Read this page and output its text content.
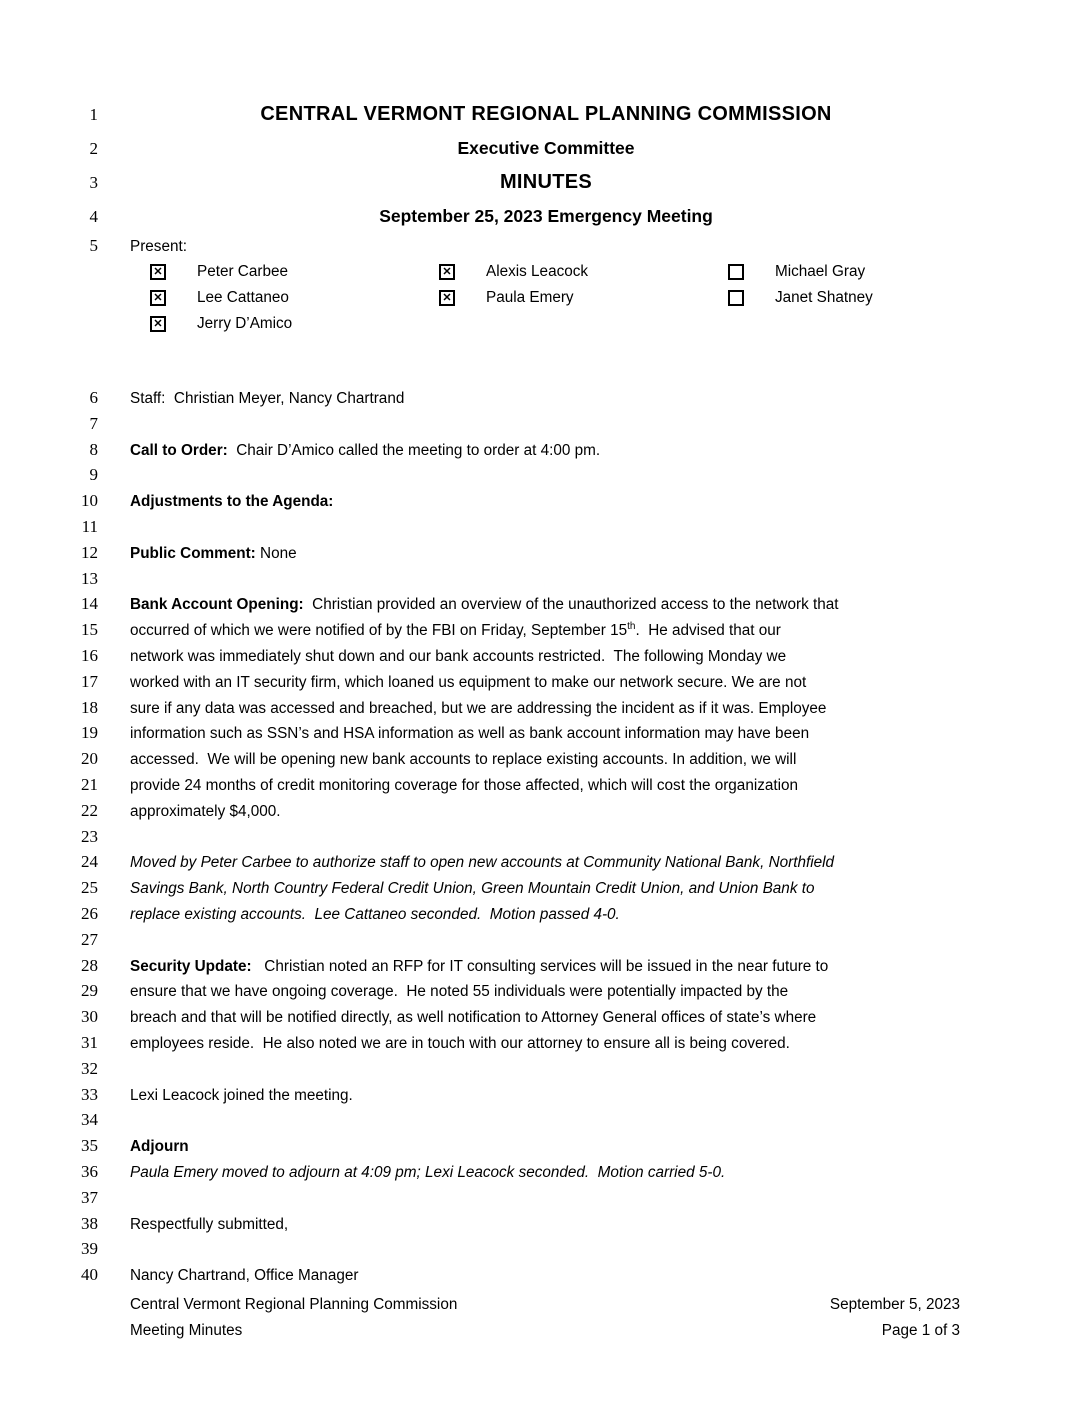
1	CENTRAL VERMONT REGIONAL PLANNING COMMISSION
2	Executive Committee
3	MINUTES
4	September 25, 2023 Emergency Meeting
5 Present:
✕ Peter Carbee	✕ Alexis Leacock	Michael Gray
✕ Lee Cattaneo	✕ Paula Emery	Janet Shatney
✕ Jerry D’Amico
6 Staff:  Christian Meyer, Nancy Chartrand
7
8 Call to Order:  Chair D’Amico called the meeting to order at 4:00 pm.
9
10 Adjustments to the Agenda:
11
12 Public Comment: None
13
14 Bank Account Opening:  Christian provided an overview of the unauthorized access to the network that
15 occurred of which we were notified of by the FBI on Friday, September 15th.  He advised that our
16 network was immediately shut down and our bank accounts restricted.  The following Monday we
17 worked with an IT security firm, which loaned us equipment to make our network secure. We are not
18 sure if any data was accessed and breached, but we are addressing the incident as if it was. Employee
19 information such as SSN’s and HSA information as well as bank account information may have been
20 accessed.  We will be opening new bank accounts to replace existing accounts. In addition, we will
21 provide 24 months of credit monitoring coverage for those affected, which will cost the organization
22 approximately $4,000.
23
24 Moved by Peter Carbee to authorize staff to open new accounts at Community National Bank, Northfield
25 Savings Bank, North Country Federal Credit Union, Green Mountain Credit Union, and Union Bank to
26 replace existing accounts.  Lee Cattaneo seconded.  Motion passed 4-0.
27
28 Security Update:   Christian noted an RFP for IT consulting services will be issued in the near future to
29 ensure that we have ongoing coverage.  He noted 55 individuals were potentially impacted by the
30 breach and that will be notified directly, as well notification to Attorney General offices of state’s where
31 employees reside.  He also noted we are in touch with our attorney to ensure all is being covered.
32
33 Lexi Leacock joined the meeting.
34
35 Adjourn
36 Paula Emery moved to adjourn at 4:09 pm; Lexi Leacock seconded.  Motion carried 5-0.
37
38 Respectfully submitted,
39
40 Nancy Chartrand, Office Manager
Central Vermont Regional Planning Commission
Meeting Minutes
September 5, 2023
Page 1 of 3
